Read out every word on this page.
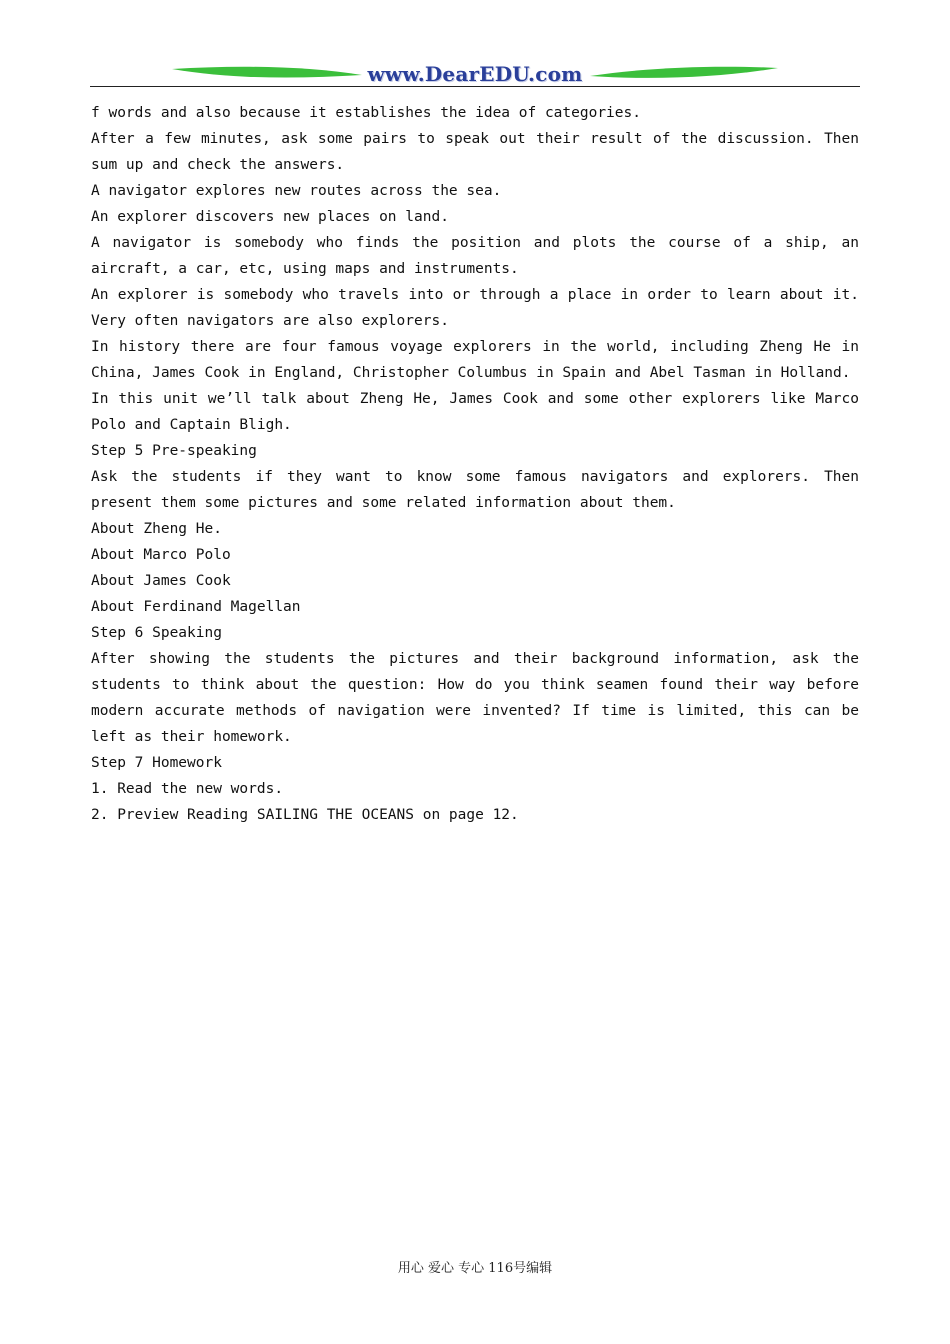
www.DearEDU.com

f words and also because it establishes the idea of categories.

After a few minutes, ask some pairs to speak out their result of the discussion. Then sum up and check the answers.

A navigator explores new routes across the sea.

An explorer discovers new places on land.

A navigator is somebody who finds the position and plots the course of a ship, an aircraft, a car, etc, using maps and instruments.

An explorer is somebody who travels into or through a place in order to learn about it. Very often navigators are also explorers.

In history there are four famous voyage explorers in the world, including Zheng He in China, James Cook in England, Christopher Columbus in Spain and Abel Tasman in Holland.

In this unit we’ll talk about Zheng He, James Cook and some other explorers like Marco Polo and Captain Bligh.

Step 5 Pre-speaking

Ask the students if they want to know some famous navigators and explorers. Then present them some pictures and some related information about them.

About Zheng He.

About Marco Polo

About James Cook

About Ferdinand Magellan

Step 6 Speaking

After showing the students the pictures and their background information, ask the students to think about the question: How do you think seamen found their way before modern accurate methods of navigation were invented? If time is limited, this can be left as their homework.

Step 7 Homework

1. Read the new words.

2. Preview Reading SAILING THE OCEANS on page 12.

用心 爱心 专心 116号编辑
